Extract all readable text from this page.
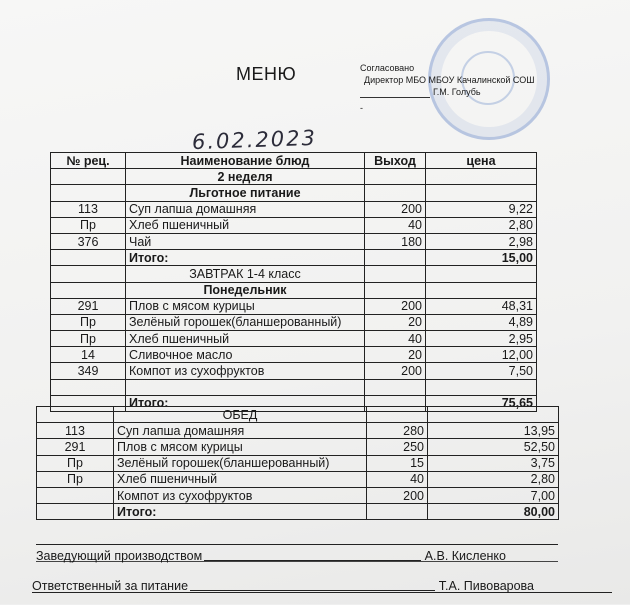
МЕНЮ	Согласовано
Директор МБО МБОУ Качалинской СОШ
Г.М. Голубь
-
6.02.2023
№ рец.	Наименование блюд	Выход	цена
	2 неделя		
	Льготное питание		
113	Суп лапша домашняя	200	9,22
Пр	Хлеб пшеничный	40	2,80
376	Чай	180	2,98
	Итого:		15,00
	ЗАВТРАК 1-4 класс		
	Понедельник		
291	Плов с мясом курицы	200	48,31
Пр	Зелёный горошек(бланшерованный)	20	4,89
Пр	Хлеб пшеничный	40	2,95
14	Сливочное масло	20	12,00
349	Компот из сухофруктов	200	7,50

	Итого:		75,65
	ОБЕД		
113	Суп лапша домашняя	280	13,95
291	Плов с мясом курицы	250	52,50
Пр	Зелёный горошек(бланшерованный)	15	3,75
Пр	Хлеб пшеничный	40	2,80
	Компот из сухофруктов	200	7,00
	Итого:		80,00
Заведующий производством	А.В. Кисленко
Ответственный за питание	Т.А. Пивоварова
